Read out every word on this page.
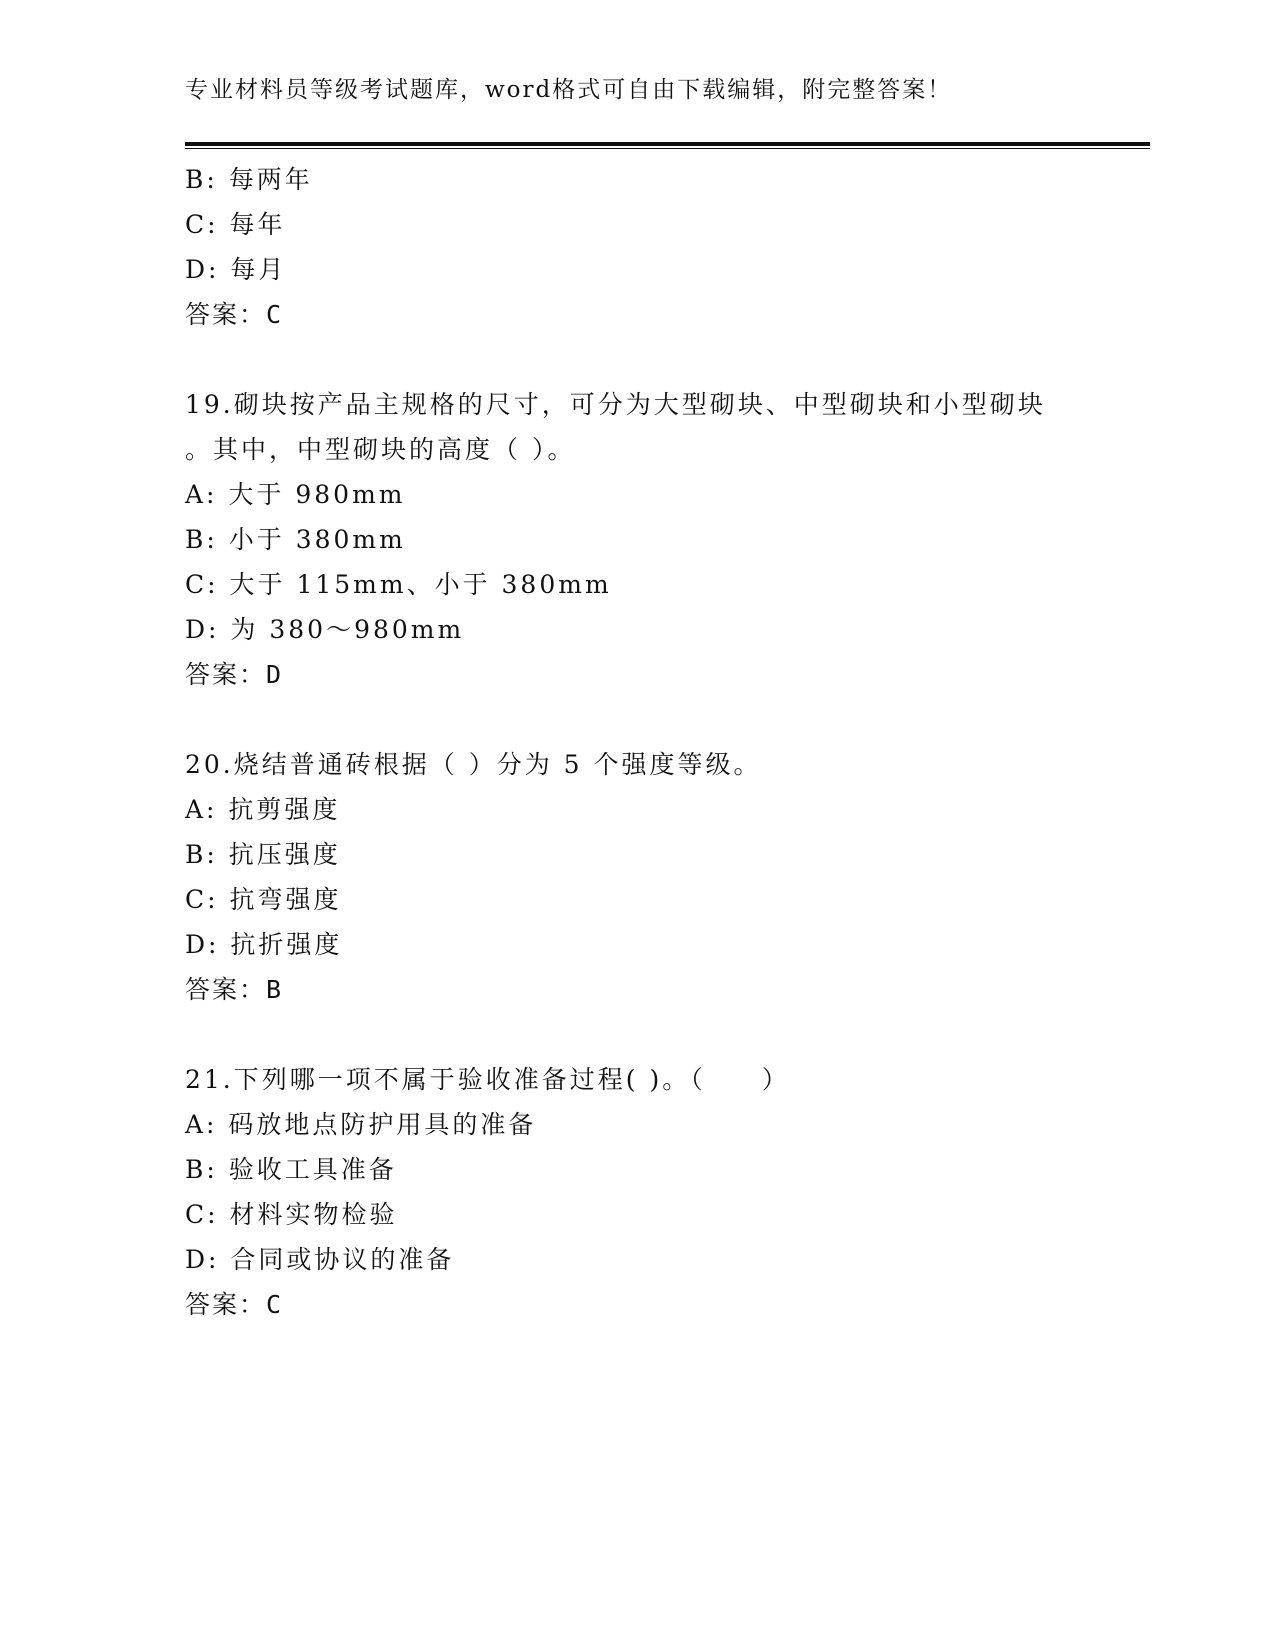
专业材料员等级考试题库，word格式可自由下载编辑，附完整答案！
B: 每两年
C: 每年
D: 每月
答案：C
19.砌块按产品主规格的尺寸，可分为大型砌块、中型砌块和小型砌块
。其中，中型砌块的高度（ ）。
A: 大于 980mm
B: 小于 380mm
C: 大于 115mm、小于 380mm
D: 为 380～980mm
答案：D
20.烧结普通砖根据（ ）分为 5 个强度等级。
A: 抗剪强度
B: 抗压强度
C: 抗弯强度
D: 抗折强度
答案：B
21.下列哪一项不属于验收准备过程( )。（　　）
A: 码放地点防护用具的准备
B: 验收工具准备
C: 材料实物检验
D: 合同或协议的准备
答案：C
